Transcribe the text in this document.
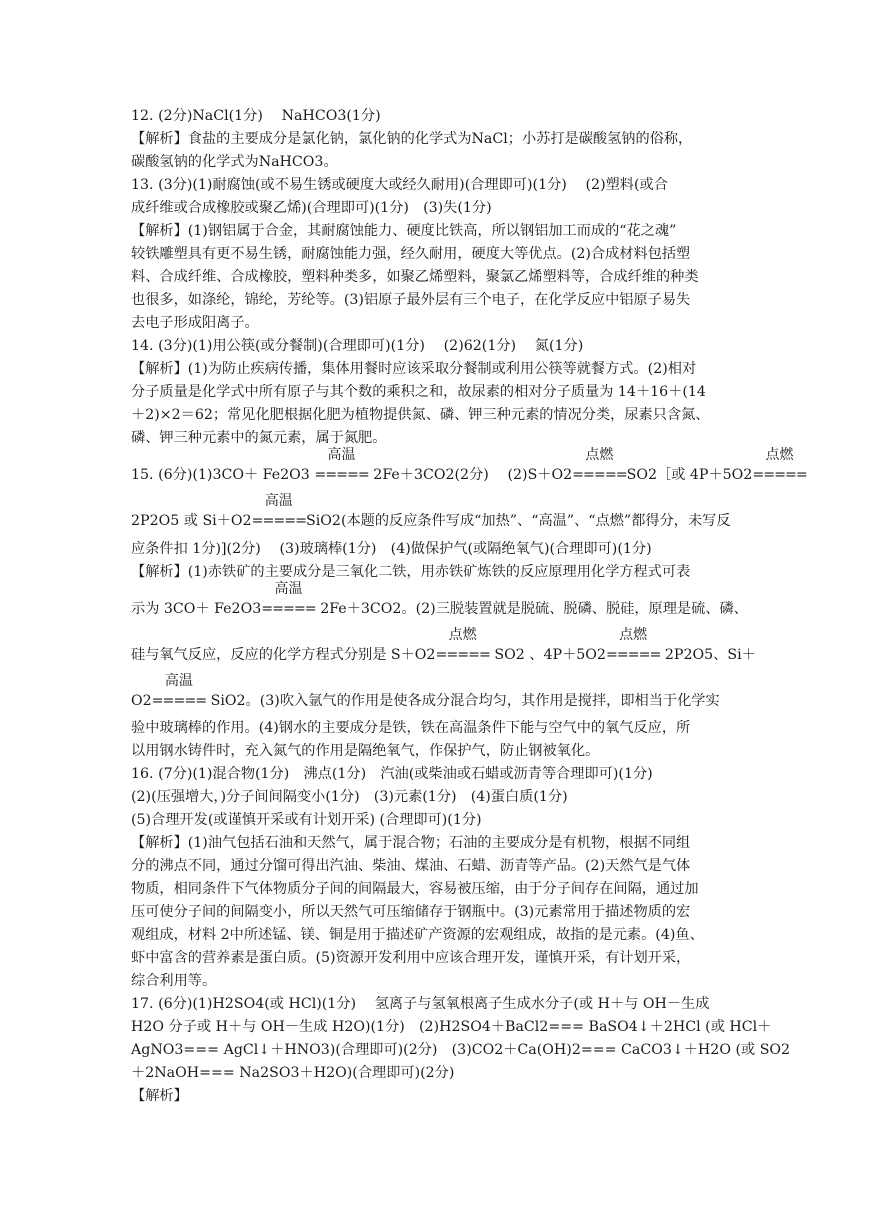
12. (2分)NaCl(1分)　 NaHCO3(1分)
【解析】食盐的主要成分是氯化钠，氯化钠的化学式为NaCl；小苏打是碳酸氢钠的俗称，
碳酸氢钠的化学式为NaHCO3。
13. (3分)(1)耐腐蚀(或不易生锈或硬度大或经久耐用)(合理即可)(1分)　 (2)塑料(或合
成纤维或合成橡胶或聚乙烯)(合理即可)(1分)　(3)失(1分)
【解析】(1)钢铝属于合金，其耐腐蚀能力、硬度比铁高，所以钢铝加工而成的“花之魂”
较铁雕塑具有更不易生锈，耐腐蚀能力强，经久耐用，硬度大等优点。(2)合成材料包括塑
料、合成纤维、合成橡胶，塑料种类多，如聚乙烯塑料，聚氯乙烯塑料等，合成纤维的种类
也很多，如涤纶，锦纶，芳纶等。(3)铝原子最外层有三个电子，在化学反应中铝原子易失
去电子形成阳离子。
14. (3分)(1)用公筷(或分餐制)(合理即可)(1分)　 (2)62(1分)　 氮(1分)
【解析】(1)为防止疾病传播，集体用餐时应该采取分餐制或利用公筷等就餐方式。(2)相对
分子质量是化学式中所有原子与其个数的乘积之和，故尿素的相对分子质量为 14＋16＋(14
＋2)×2＝62；常见化肥根据化肥为植物提供氮、磷、钾三种元素的情况分类，尿素只含氮、
磷、钾三种元素中的氮元素，属于氮肥。
15. (6分)(1)3CO＋ Fe2O3
高温
===== 2Fe＋3CO2(2分)　 (2)S＋O2
点燃
=====SO2［或 4P＋5O2
点燃
=====
2P2O5 或 Si＋O2
高温
=====SiO2(本题的反应条件写成“加热”、“高温”、“点燃”都得分，未写反
应条件扣 1分)](2分)　 (3)玻璃棒(1分)　(4)做保护气(或隔绝氧气)(合理即可)(1分)
【解析】(1)赤铁矿的主要成分是三氧化二铁，用赤铁矿炼铁的反应原理用化学方程式可表
示为 3CO＋ Fe2O3
高温
===== 2Fe＋3CO2。(2)三脱装置就是脱硫、脱磷、脱硅，原理是硫、磷、
硅与氧气反应，反应的化学方程式分别是 S＋O2
点燃
===== SO2 、4P＋5O2
点燃
===== 2P2O5、Si＋
O2
高温
===== SiO2。(3)吹入氩气的作用是使各成分混合均匀，其作用是搅拌，即相当于化学实
验中玻璃棒的作用。(4)钢水的主要成分是铁，铁在高温条件下能与空气中的氧气反应，所
以用钢水铸件时，充入氮气的作用是隔绝氧气，作保护气，防止钢被氧化。
16. (7分)(1)混合物(1分)　沸点(1分)　汽油(或柴油或石蜡或沥青等合理即可)(1分)
(2)(压强增大，)分子间间隔变小(1分)　(3)元素(1分)　(4)蛋白质(1分)
(5)合理开发(或谨慎开采或有计划开采) (合理即可)(1分)
【解析】(1)油气包括石油和天然气，属于混合物；石油的主要成分是有机物，根据不同组
分的沸点不同，通过分馏可得出汽油、柴油、煤油、石蜡、沥青等产品。(2)天然气是气体
物质，相同条件下气体物质分子间的间隔最大，容易被压缩，由于分子间存在间隔，通过加
压可使分子间的间隔变小，所以天然气可压缩储存于钢瓶中。(3)元素常用于描述物质的宏
观组成，材料 2中所述锰、镁、铜是用于描述矿产资源的宏观组成，故指的是元素。(4)鱼、
虾中富含的营养素是蛋白质。(5)资源开发利用中应该合理开发，谨慎开采，有计划开采，
综合利用等。
17. (6分)(1)H2SO4(或 HCl)(1分)　 氢离子与氢氧根离子生成水分子(或 H＋与 OH－生成
H2O 分子或 H＋与 OH－生成 H2O)(1分)　(2)H2SO4＋BaCl2=== BaSO4↓＋2HCl (或 HCl＋
AgNO3=== AgCl↓＋HNO3)(合理即可)(2分)　(3)CO2＋Ca(OH)2=== CaCO3↓＋H2O (或 SO2
＋2NaOH=== Na2SO3＋H2O)(合理即可)(2分)
【解析】
